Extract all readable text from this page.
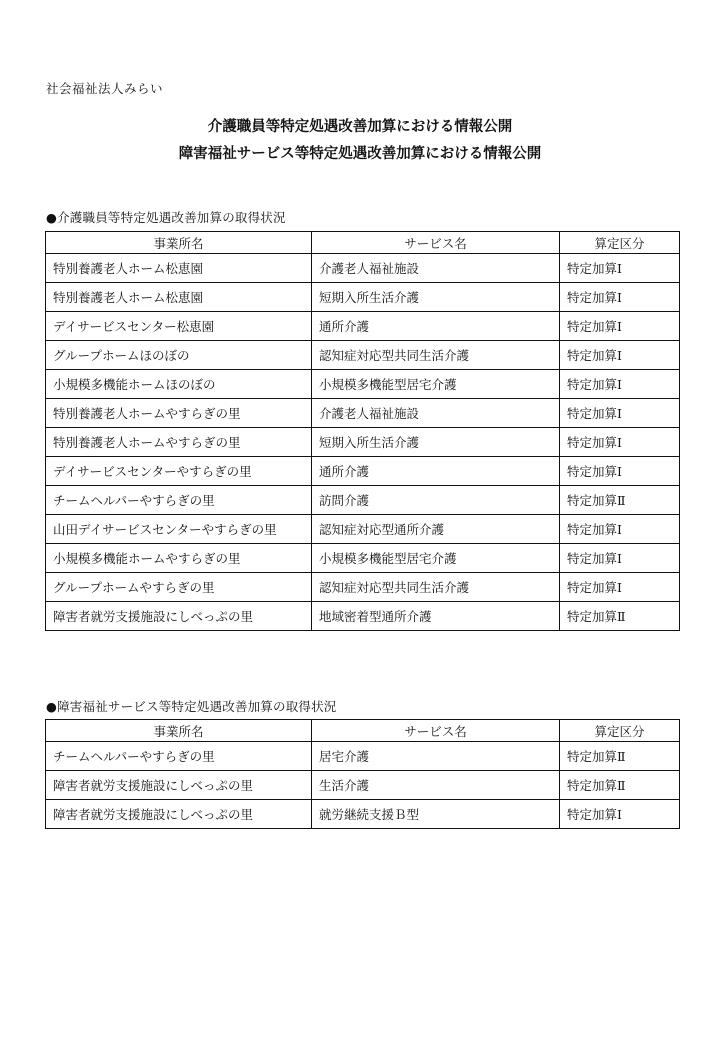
社会福祉法人みらい
介護職員等特定処遇改善加算における情報公開
障害福祉サービス等特定処遇改善加算における情報公開
●介護職員等特定処遇改善加算の取得状況
事業所名	サービス名	算定区分
特別養護老人ホーム松恵園	介護老人福祉施設	特定加算Ⅰ
特別養護老人ホーム松恵園	短期入所生活介護	特定加算Ⅰ
デイサービスセンター松恵園	通所介護	特定加算Ⅰ
グループホームほのぼの	認知症対応型共同生活介護	特定加算Ⅰ
小規模多機能ホームほのぼの	小規模多機能型居宅介護	特定加算Ⅰ
特別養護老人ホームやすらぎの里	介護老人福祉施設	特定加算Ⅰ
特別養護老人ホームやすらぎの里	短期入所生活介護	特定加算Ⅰ
デイサービスセンターやすらぎの里	通所介護	特定加算Ⅰ
チームヘルパーやすらぎの里	訪問介護	特定加算Ⅱ
山田デイサービスセンターやすらぎの里	認知症対応型通所介護	特定加算Ⅰ
小規模多機能ホームやすらぎの里	小規模多機能型居宅介護	特定加算Ⅰ
グループホームやすらぎの里	認知症対応型共同生活介護	特定加算Ⅰ
障害者就労支援施設にしべっぷの里	地域密着型通所介護	特定加算Ⅱ
●障害福祉サービス等特定処遇改善加算の取得状況
事業所名	サービス名	算定区分
チームヘルパーやすらぎの里	居宅介護	特定加算Ⅱ
障害者就労支援施設にしべっぷの里	生活介護	特定加算Ⅱ
障害者就労支援施設にしべっぷの里	就労継続支援Ｂ型	特定加算Ⅰ
